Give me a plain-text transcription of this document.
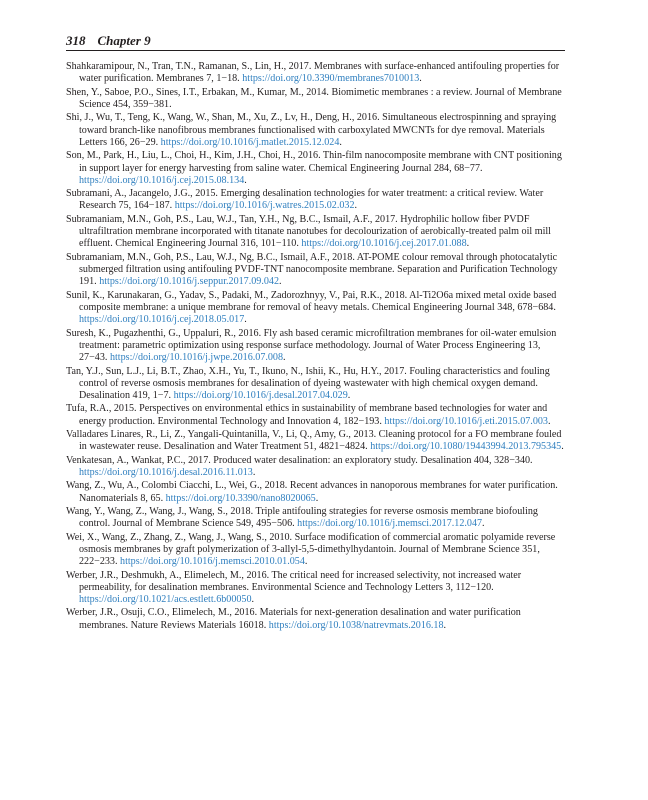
318 Chapter 9
Shahkaramipour, N., Tran, T.N., Ramanan, S., Lin, H., 2017. Membranes with surface-enhanced antifouling properties for water purification. Membranes 7, 1−18. https://doi.org/10.3390/membranes7010013.
Shen, Y., Saboe, P.O., Sines, I.T., Erbakan, M., Kumar, M., 2014. Biomimetic membranes : a review. Journal of Membrane Science 454, 359−381.
Shi, J., Wu, T., Teng, K., Wang, W., Shan, M., Xu, Z., Lv, H., Deng, H., 2016. Simultaneous electrospinning and spraying toward branch-like nanofibrous membranes functionalised with carboxylated MWCNTs for dye removal. Materials Letters 166, 26−29. https://doi.org/10.1016/j.matlet.2015.12.024.
Son, M., Park, H., Liu, L., Choi, H., Kim, J.H., Choi, H., 2016. Thin-film nanocomposite membrane with CNT positioning in support layer for energy harvesting from saline water. Chemical Engineering Journal 284, 68−77. https://doi.org/10.1016/j.cej.2015.08.134.
Subramani, A., Jacangelo, J.G., 2015. Emerging desalination technologies for water treatment: a critical review. Water Research 75, 164−187. https://doi.org/10.1016/j.watres.2015.02.032.
Subramaniam, M.N., Goh, P.S., Lau, W.J., Tan, Y.H., Ng, B.C., Ismail, A.F., 2017. Hydrophilic hollow fiber PVDF ultrafiltration membrane incorporated with titanate nanotubes for decolourization of aerobically-treated palm oil mill effluent. Chemical Engineering Journal 316, 101−110. https://doi.org/10.1016/j.cej.2017.01.088.
Subramaniam, M.N., Goh, P.S., Lau, W.J., Ng, B.C., Ismail, A.F., 2018. AT-POME colour removal through photocatalytic submerged filtration using antifouling PVDF-TNT nanocomposite membrane. Separation and Purification Technology 191. https://doi.org/10.1016/j.seppur.2017.09.042.
Sunil, K., Karunakaran, G., Yadav, S., Padaki, M., Zadorozhnyy, V., Pai, R.K., 2018. Al-Ti2O6a mixed metal oxide based composite membrane: a unique membrane for removal of heavy metals. Chemical Engineering Journal 348, 678−684. https://doi.org/10.1016/j.cej.2018.05.017.
Suresh, K., Pugazhenthi, G., Uppaluri, R., 2016. Fly ash based ceramic microfiltration membranes for oil-water emulsion treatment: parametric optimization using response surface methodology. Journal of Water Process Engineering 13, 27−43. https://doi.org/10.1016/j.jwpe.2016.07.008.
Tan, Y.J., Sun, L.J., Li, B.T., Zhao, X.H., Yu, T., Ikuno, N., Ishii, K., Hu, H.Y., 2017. Fouling characteristics and fouling control of reverse osmosis membranes for desalination of dyeing wastewater with high chemical oxygen demand. Desalination 419, 1−7. https://doi.org/10.1016/j.desal.2017.04.029.
Tufa, R.A., 2015. Perspectives on environmental ethics in sustainability of membrane based technologies for water and energy production. Environmental Technology and Innovation 4, 182−193. https://doi.org/10.1016/j.eti.2015.07.003.
Valladares Linares, R., Li, Z., Yangali-Quintanilla, V., Li, Q., Amy, G., 2013. Cleaning protocol for a FO membrane fouled in wastewater reuse. Desalination and Water Treatment 51, 4821−4824. https://doi.org/10.1080/19443994.2013.795345.
Venkatesan, A., Wankat, P.C., 2017. Produced water desalination: an exploratory study. Desalination 404, 328−340. https://doi.org/10.1016/j.desal.2016.11.013.
Wang, Z., Wu, A., Colombi Ciacchi, L., Wei, G., 2018. Recent advances in nanoporous membranes for water purification. Nanomaterials 8, 65. https://doi.org/10.3390/nano8020065.
Wang, Y., Wang, Z., Wang, J., Wang, S., 2018. Triple antifouling strategies for reverse osmosis membrane biofouling control. Journal of Membrane Science 549, 495−506. https://doi.org/10.1016/j.memsci.2017.12.047.
Wei, X., Wang, Z., Zhang, Z., Wang, J., Wang, S., 2010. Surface modification of commercial aromatic polyamide reverse osmosis membranes by graft polymerization of 3-allyl-5,5-dimethylhydantoin. Journal of Membrane Science 351, 222−233. https://doi.org/10.1016/j.memsci.2010.01.054.
Werber, J.R., Deshmukh, A., Elimelech, M., 2016. The critical need for increased selectivity, not increased water permeability, for desalination membranes. Environmental Science and Technology Letters 3, 112−120. https://doi.org/10.1021/acs.estlett.6b00050.
Werber, J.R., Osuji, C.O., Elimelech, M., 2016. Materials for next-generation desalination and water purification membranes. Nature Reviews Materials 16018. https://doi.org/10.1038/natrevmats.2016.18.
